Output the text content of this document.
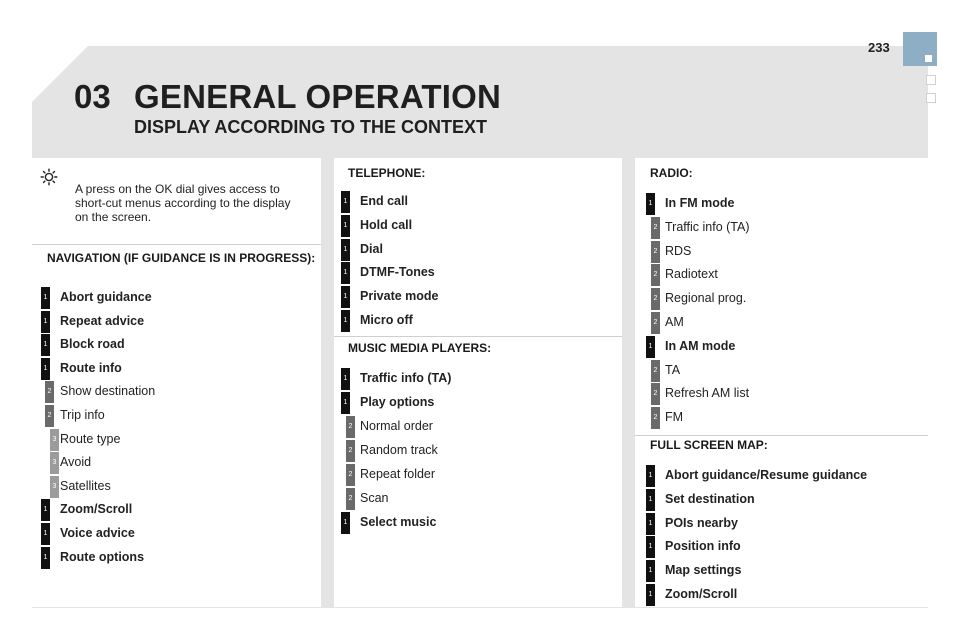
233
03 GENERAL OPERATION
DISPLAY ACCORDING TO THE CONTEXT
A press on the OK dial gives access to short-cut menus according to the display on the screen.
NAVIGATION (IF GUIDANCE IS IN PROGRESS):
1 Abort guidance
1 Repeat advice
1 Block road
1 Route info
2 Show destination
2 Trip info
3 Route type
3 Avoid
3 Satellites
1 Zoom/Scroll
1 Voice advice
1 Route options
TELEPHONE:
1 End call
1 Hold call
1 Dial
1 DTMF-Tones
1 Private mode
1 Micro off
MUSIC MEDIA PLAYERS:
1 Traffic info (TA)
1 Play options
2 Normal order
2 Random track
2 Repeat folder
2 Scan
1 Select music
RADIO:
1 In FM mode
2 Traffic info (TA)
2 RDS
2 Radiotext
2 Regional prog.
2 AM
1 In AM mode
2 TA
2 Refresh AM list
2 FM
FULL SCREEN MAP:
1 Abort guidance/Resume guidance
1 Set destination
1 POIs nearby
1 Position info
1 Map settings
1 Zoom/Scroll
